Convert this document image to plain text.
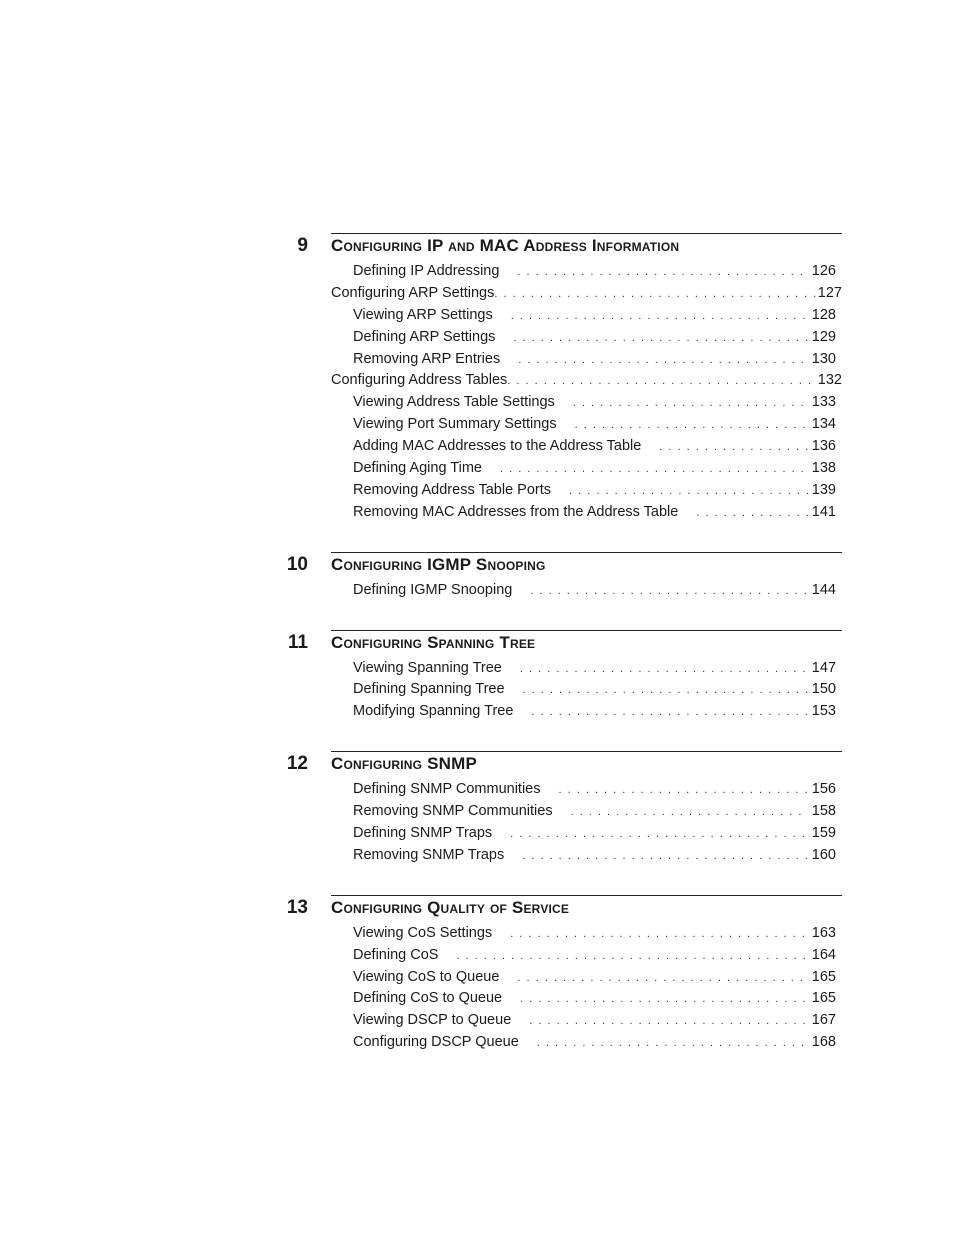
9 Configuring IP and MAC Address Information
Defining IP Addressing . . .	126
Configuring ARP Settings . . .	127
Viewing ARP Settings . . .	128
Defining ARP Settings . . .	129
Removing ARP Entries . . .	130
Configuring Address Tables . . .	132
Viewing Address Table Settings . . .	133
Viewing Port Summary Settings . . .	134
Adding MAC Addresses to the Address Table . . .	136
Defining Aging Time . . .	138
Removing Address Table Ports . . .	139
Removing MAC Addresses from the Address Table . . .	141
10 Configuring IGMP Snooping
Defining IGMP Snooping . . .	144
11 Configuring Spanning Tree
Viewing Spanning Tree . . .	147
Defining Spanning Tree . . .	150
Modifying Spanning Tree . . .	153
12 Configuring SNMP
Defining SNMP Communities . . .	156
Removing SNMP Communities . . .	158
Defining SNMP Traps . . .	159
Removing SNMP Traps . . .	160
13 Configuring Quality of Service
Viewing CoS Settings . . .	163
Defining CoS . . .	164
Viewing CoS to Queue . . .	165
Defining CoS to Queue . . .	165
Viewing DSCP to Queue . . .	167
Configuring DSCP Queue . . .	168
